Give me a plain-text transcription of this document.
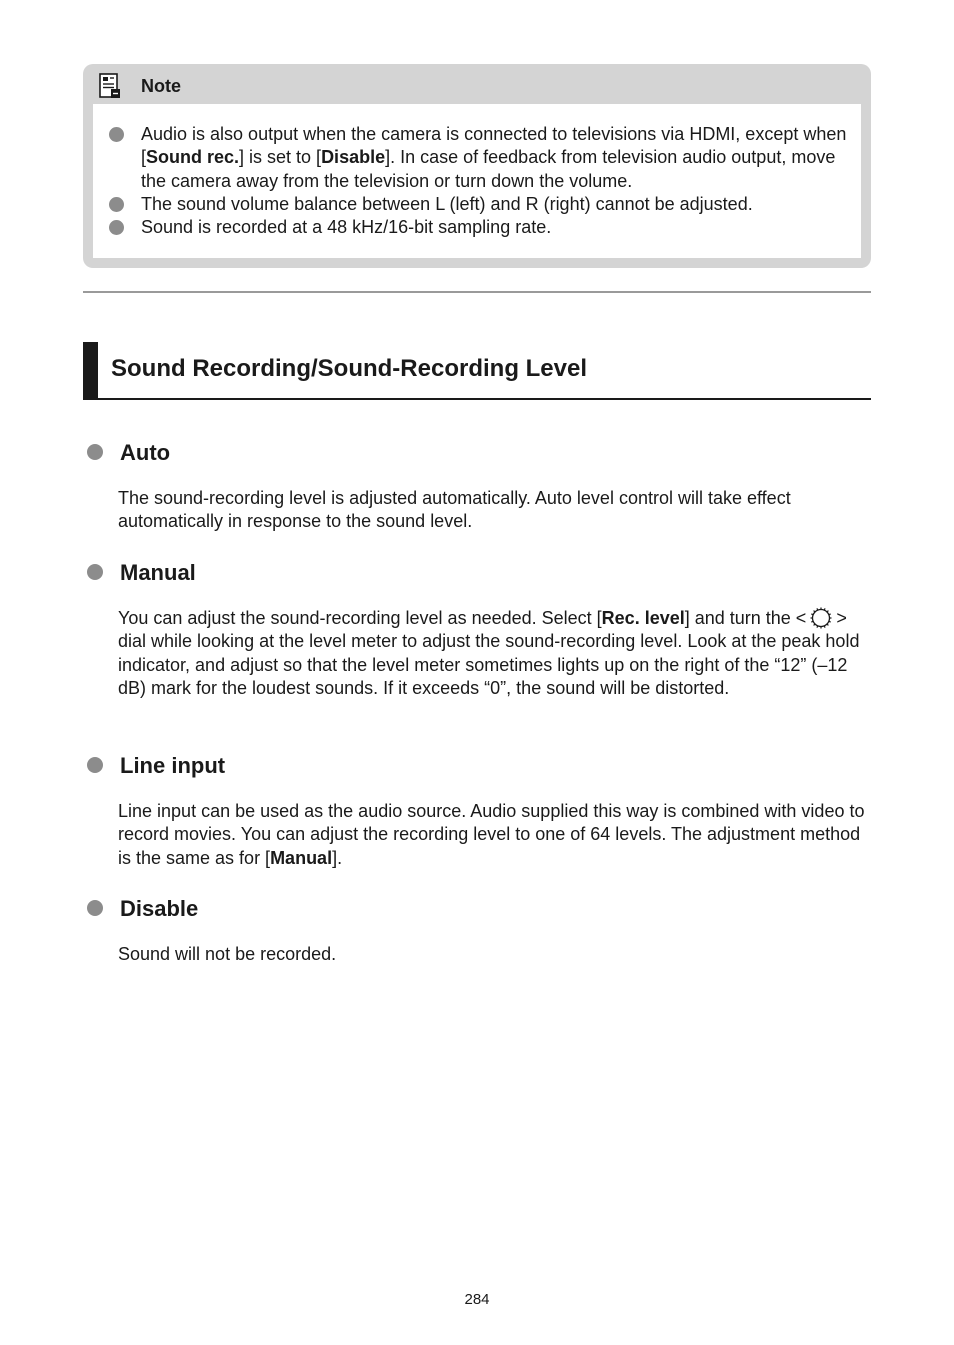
Note
Audio is also output when the camera is connected to televisions via HDMI, except when [Sound rec.] is set to [Disable]. In case of feedback from television audio output, move the camera away from the television or turn down the volume.
The sound volume balance between L (left) and R (right) cannot be adjusted.
Sound is recorded at a 48 kHz/16-bit sampling rate.
Sound Recording/Sound-Recording Level
Auto

The sound-recording level is adjusted automatically. Auto level control will take effect automatically in response to the sound level.

Manual

You can adjust the sound-recording level as needed. Select [Rec. level] and turn the < > dial while looking at the level meter to adjust the sound-recording level. Look at the peak hold indicator, and adjust so that the level meter sometimes lights up on the right of the “12” (–12 dB) mark for the loudest sounds. If it exceeds “0”, the sound will be distorted.

Line input

Line input can be used as the audio source. Audio supplied this way is combined with video to record movies. You can adjust the recording level to one of 64 levels. The adjustment method is the same as for [Manual].

Disable

Sound will not be recorded.

284
